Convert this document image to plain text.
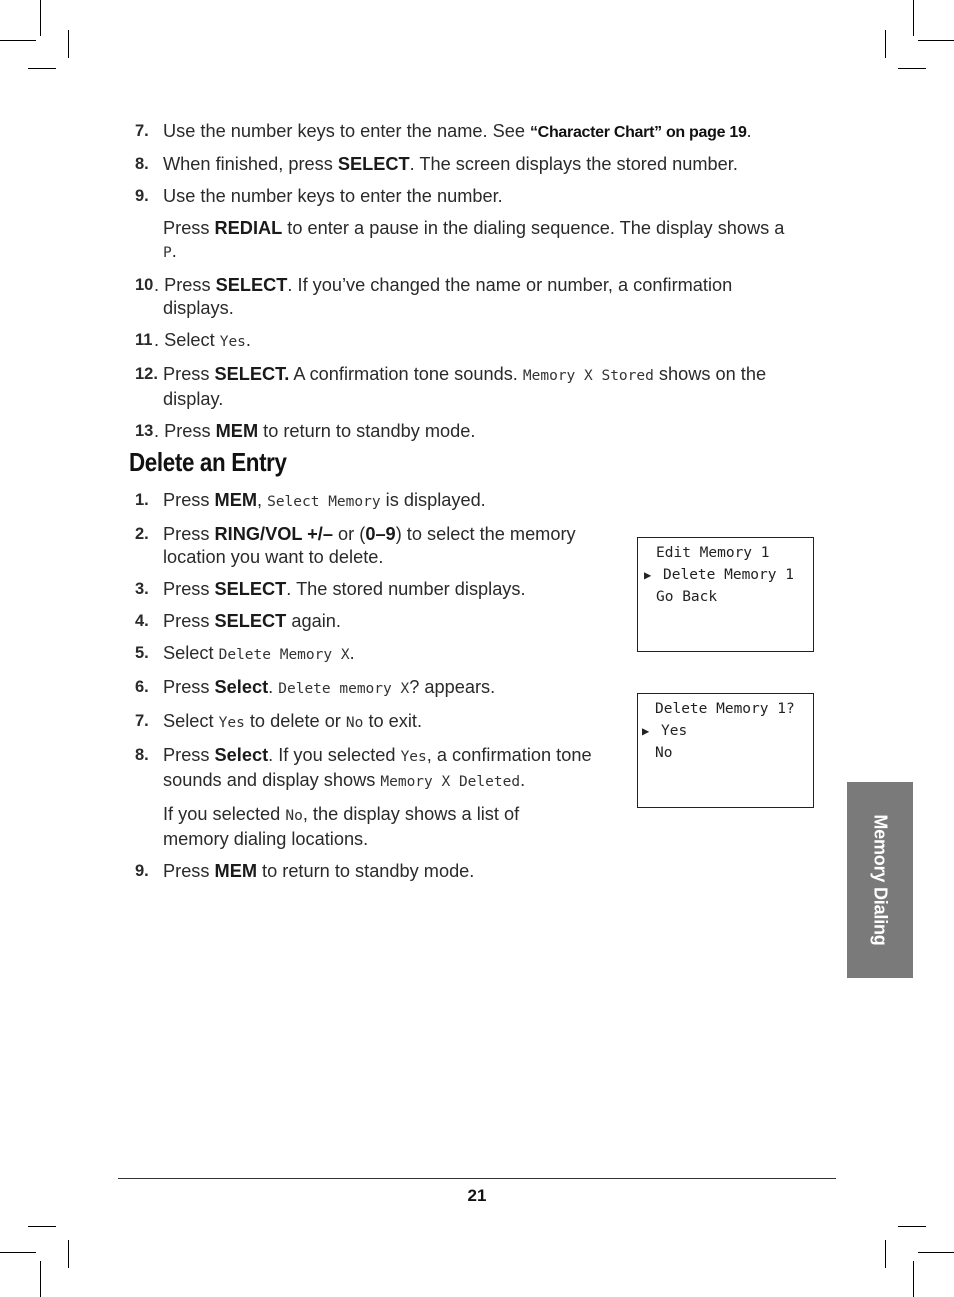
7. Use the number keys to enter the name. See “Character Chart” on page 19.
8. When finished, press SELECT. The screen displays the stored number.
9. Use the number keys to enter the number.
Press REDIAL to enter a pause in the dialing sequence. The display shows a P.
10 . Press SELECT. If you’ve changed the name or number, a confirmation displays.
11 . Select Yes.
12. Press SELECT. A confirmation tone sounds. Memory X Stored shows on the display.
13 . Press MEM to return to standby mode.
Delete an Entry
1. Press MEM, Select Memory is displayed.
2. Press RING/VOL +/– or (0–9) to select the memory location you want to delete.
3. Press SELECT. The stored number displays.
4. Press SELECT again.
5. Select Delete Memory X.
6. Press Select. Delete memory X? appears.
7. Select Yes to delete or No to exit.
8. Press Select. If you selected Yes, a confirmation tone sounds and display shows Memory X Deleted.
If you selected No, the display shows a list of memory dialing locations.
9. Press MEM to return to standby mode.
Edit Memory 1
▶ Delete Memory 1
Go Back
Delete Memory 1?
▶ Yes
No
Memory Dialing
21
